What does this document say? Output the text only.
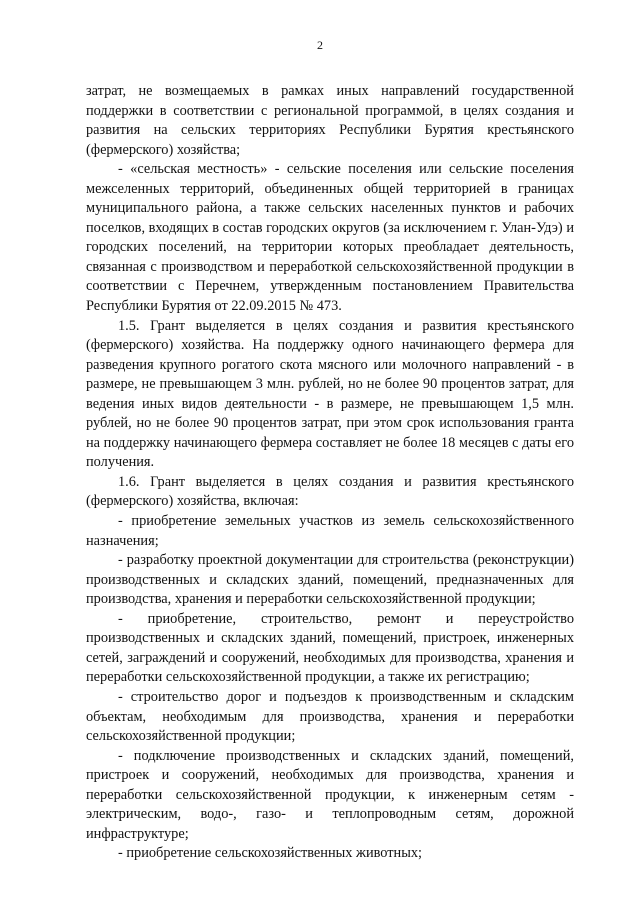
2

затрат, не возмещаемых в рамках иных направлений государственной поддержки в соответствии с региональной программой, в целях создания и развития на сельских территориях Республики Бурятия крестьянского (фермерского) хозяйства;

- «сельская местность» - сельские поселения или сельские поселения межселенных территорий, объединенных общей территорией в границах муниципального района, а также сельских населенных пунктов и рабочих поселков, входящих в состав городских округов (за исключением г. Улан-Удэ) и городских поселений, на территории которых преобладает деятельность, связанная с производством и переработкой сельскохозяйственной продукции в соответствии с Перечнем, утвержденным постановлением Правительства Республики Бурятия от 22.09.2015 № 473.

1.5. Грант выделяется в целях создания и развития крестьянского (фермерского) хозяйства. На поддержку одного начинающего фермера для разведения крупного рогатого скота мясного или молочного направлений - в размере, не превышающем 3 млн. рублей, но не более 90 процентов затрат, для ведения иных видов деятельности - в размере, не превышающем 1,5 млн. рублей, но не более 90 процентов затрат, при этом срок использования гранта на поддержку начинающего фермера составляет не более 18 месяцев с даты его получения.

1.6. Грант выделяется в целях создания и развития крестьянского (фермерского) хозяйства, включая:

- приобретение земельных участков из земель сельскохозяйственного назначения;

- разработку проектной документации для строительства (реконструкции) производственных и складских зданий, помещений, предназначенных для производства, хранения и переработки сельскохозяйственной продукции;

- приобретение, строительство, ремонт и переустройство производственных и складских зданий, помещений, пристроек, инженерных сетей, заграждений и сооружений, необходимых для производства, хранения и переработки сельскохозяйственной продукции, а также их регистрацию;

- строительство дорог и подъездов к производственным и складским объектам, необходимым для производства, хранения и переработки сельскохозяйственной продукции;

- подключение производственных и складских зданий, помещений, пристроек и сооружений, необходимых для производства, хранения и переработки сельскохозяйственной продукции, к инженерным сетям - электрическим, водо-, газо- и теплопроводным сетям, дорожной инфраструктуре;

- приобретение сельскохозяйственных животных;
